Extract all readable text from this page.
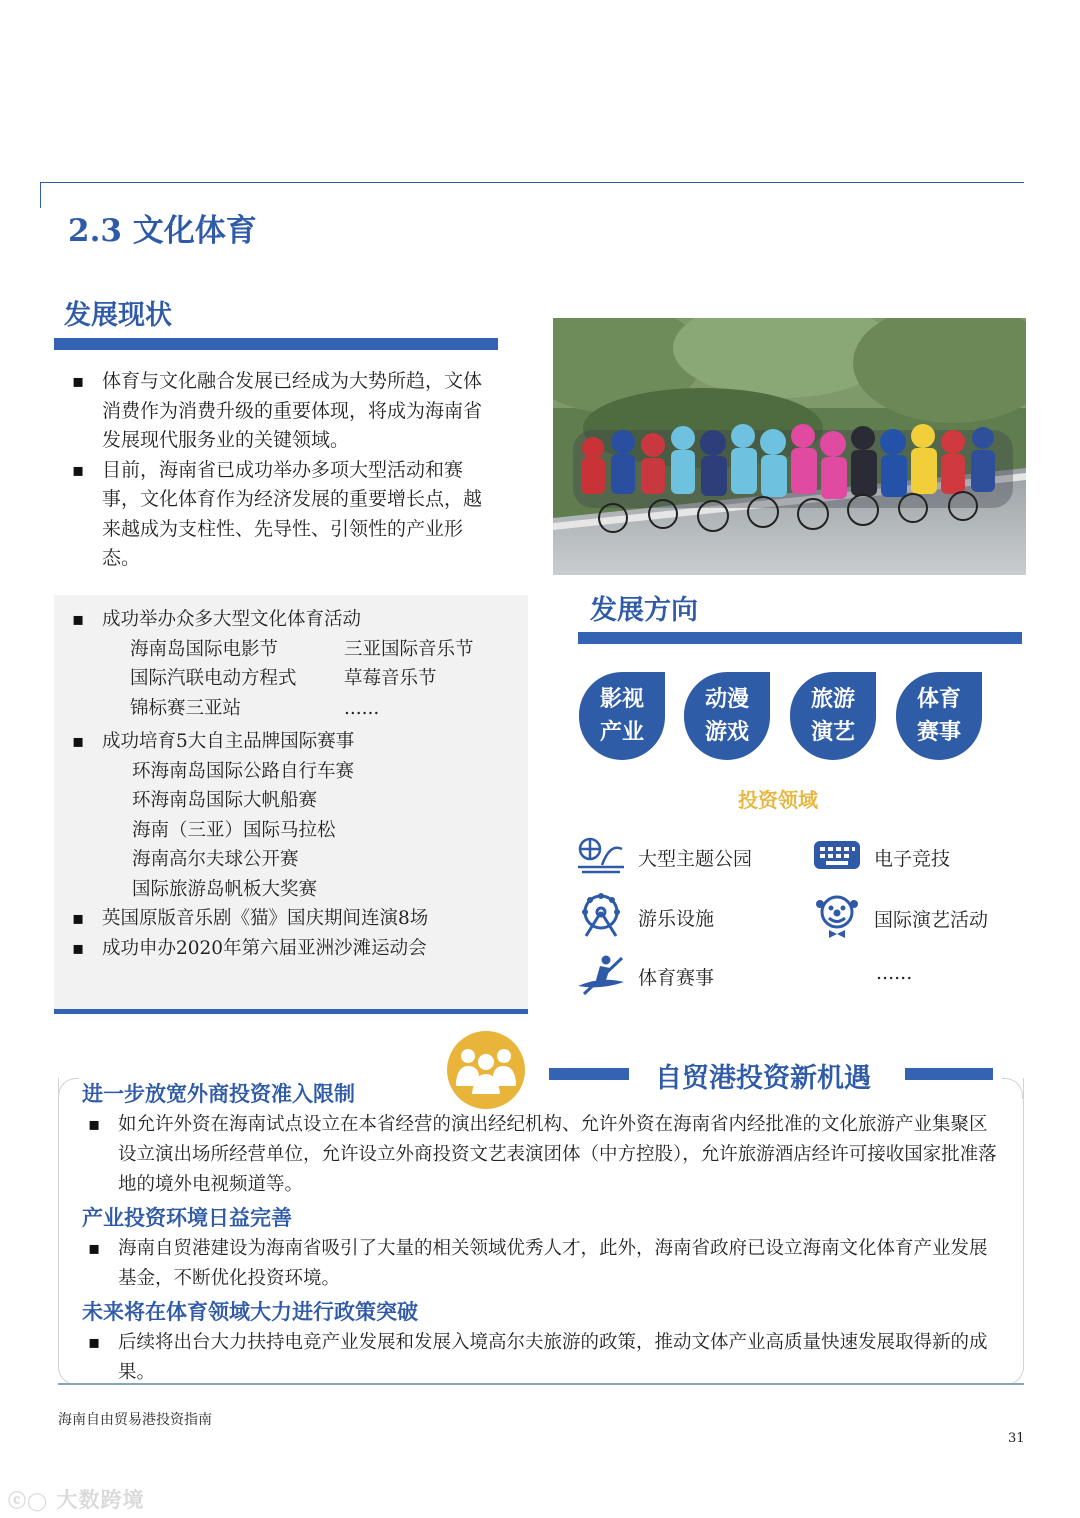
2.3 文化体育
发展现状
▪ 体育与文化融合发展已经成为大势所趋，文体消费作为消费升级的重要体现，将成为海南省发展现代服务业的关键领域。
▪ 目前，海南省已成功举办多项大型活动和赛事，文化体育作为经济发展的重要增长点，越来越成为支柱性、先导性、引领性的产业形态。
▪ 成功举办众多大型文化体育活动
海南岛国际电影节	三亚国际音乐节
国际汽联电动方程式	草莓音乐节
锦标赛三亚站	......
▪ 成功培育5大自主品牌国际赛事
环海南岛国际公路自行车赛
环海南岛国际大帆船赛
海南（三亚）国际马拉松
海南高尔夫球公开赛
国际旅游岛帆板大奖赛
▪ 英国原版音乐剧《猫》国庆期间连演8场
▪ 成功申办2020年第六届亚洲沙滩运动会
发展方向
影视
产业
动漫
游戏
旅游
演艺
体育
赛事
投资领域
大型主题公园	电子竞技
游乐设施	国际演艺活动
体育赛事	......
自贸港投资新机遇
进一步放宽外商投资准入限制
▪ 如允许外资在海南试点设立在本省经营的演出经纪机构、允许外资在海南省内经批准的文化旅游产业集聚区设立演出场所经营单位，允许设立外商投资文艺表演团体（中方控股），允许旅游酒店经许可接收国家批准落地的境外电视频道等。
产业投资环境日益完善
▪ 海南自贸港建设为海南省吸引了大量的相关领域优秀人才，此外，海南省政府已设立海南文化体育产业发展基金，不断优化投资环境。
未来将在体育领域大力进行政策突破
▪ 后续将出台大力扶持电竞产业发展和发展入境高尔夫旅游的政策，推动文体产业高质量快速发展取得新的成果。
海南自由贸易港投资指南
31
ⓒ◯ 大数跨境
